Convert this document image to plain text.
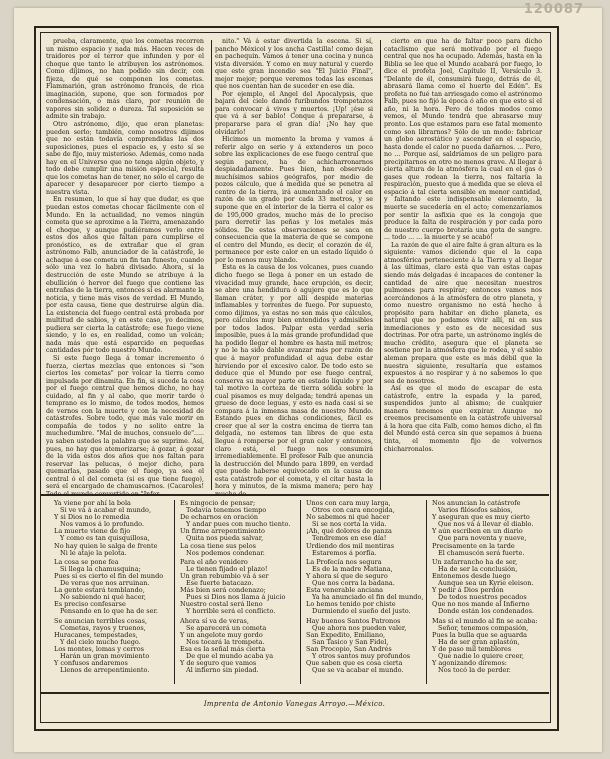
120087

prueba, claramente, que los cometas recorren un mismo espacio y nada más. Hacen veces de traidores por el terror que infunden y por el choque que tanto le atribuyen los astrónomos. Como dijimos, no han podido sin decir, con fijeza, de qué se componen los cometas. Flammarión, gran astrónomo francés, de rica imaginación, supone, que son formados por condensación, o más claro, por reunión de vapores sin solidez o dureza. Tal suposición se admite sin trabajo.

Otro astrónomo, dijo, que eran planetas: pueden serlo; también, como nosotros dijimos que no están todavía comprendidas las dos suposiciones, pues el espacio es, y esto sí se sabe de fijo, muy misterioso. Además, como nada hay en el Universo que no tenga algún objeto, y todo debe cumplir una misión especial, resulta que los cometas han de tener, no sólo el cargo de aparecer y desaparecer por cierto tiempo a nuestra vista.

En resumen, lo que sí hay que dudar, es que puedan estos cometas chocar fácilmente con el Mundo. En la actualidad, no vemos ningún cometa que se aproxime a la Tierra, amenazando el choque, y aunque pudiéramos verlo entre estos dos años que faltan para cumplirse el pronóstico, es de extrañar que el gran astrónomo Falb, anunciador de la catástrofe, le achaque á ese cometa un fin tan funesto, cuando sólo una vez lo habrá divisado. Ahora, si la destrucción de este Mundo se atribuye á la ebullición ó hervor del fuego que contiene las entrañas de la tierra, entonces sí es alarmante la noticia, y tiene más visos de verdad. El Mundo, por esta causa, tiene que destruirse algún día. La existencia del fuego central está probada por multitud de sabios, y en este caso, yo decimos, pudiera ser cierta la catástrofe; ese fuego viene siendo, y lo es, en realidad, como un volcán; nada más que está esparcido en pequeñas cantidades por todo nuestro Mundo.

Si este fuego llega á tomar incremento ó fuerza, ciertas mezclas que entonces si "son ciertos los cometas" por volcar la tierra como impulsada por dinamita. En fin, si sucede la cosa por el fuego central que hemos dicho, no hay cuidado, al fin y al cabo, que morir tarde ó temprano es lo mismo, de todos modos, hemos de vernos con la muerte y con la necesidad de catástrofes. Sobre todo, que más vale morir en compañía de todos y no solito entre la muchedumbre. "Mal de muchos, consuelo de"..... ya saben ustedes la palabra que se suprime. Así, pues, no hay que atemorizarse; á gozar, á gozar de la vida estos dos años que nos faltan para reservar las pelucas, ó mejor dicho, para quemarlas, pasado que el fuego, ya sea el central ó el del cometa (si es que tiene fuego), será el encargado de chamuscarnos. (Cacaroles! Todo el mundo convertido en "Infer-

nito." Vá á estar divertida la escena. Si sí, pancho Méxicol y los ancha Castilla! como dejan en pachequin. Vamos á tener una cocina y nunca vista diversión. Y como en muy natural y cuerdo que este gran incendio sea "El Juicio Final", mejor mejor; porque veremos todas las escenas que nos cuentan han de suceder en ese día.

Por ejemplo, el Angel del Apocalypsis, que bajará del cielo dando furibundos trompetazos para convocar á vivos y muertos. ¡Up! ¡ése si que vá á ser bablo! Conque á prepararse, á prepararse para el gran día! ¡No hay que olvidarlo!

Hicimos un momento la broma y vamos á referir algo en serio y á extenderos un poco sobre las explicaciones de ese fuego central que según parece, ha de achicharronarnos despiadadamente. Pues bien, han observado muchísimos sabios geógrafos, por medio de pozos cálculo, que á medida que se penetra al centro de la tierra, irá aumentando el calor en razón de un grado por cada 33 metros, y se supone que en el interior de la tierra el calor es de 195,000 grados, mucho más de lo preciso para derretir las peñas y los metales más sólidos. De estas observaciones se saca en consecuencia que la materia de que se compone el centro del Mundo, es decir, el corazón de él, permanece por este calor en un estado líquido ó por lo menos muy blando.

Esta es la causa de los volcanes, pues cuando dicho fuego se llega á poner en un estado de vivacidad muy grande, hace erupción, es decir, se abre una hendidura ó agujero que es lo que llaman cráter, y por allí despide materias inflamables y torrentes de fuego. Por supuesto, como dijimos, ya estas no son más que cálculos, pero cálculos muy bien entendidos y admisibles por todos lados. Palpar esta verdad sería imposible, pues á la más grande profundidad que ha podido llegar el hombre es hasta mil metros; y no le ha sido dable avanzar más por razón de que á mayor profundidad el agua debe estar hirviendo por el excesivo calor. De todo esto se deduce que el Mundo por ese fuego central, conserva su mayor parte en estado líquido y por tal motivo la corteza de tierra sólida sobre la cual pisamos es muy delgada; tendrá apenas un grueso de doce leguas, y esto es nada casi si se compara á la inmensa masa de nuestro Mundo. Estando pues en dichas condiciones, fácil es creer que al ser la costra encima de tierra tan delgada, no estemos tan libres de que esta llegue á romperse por el gran calor y entonces, claro está, el fuego nos consumirá irremediablemente. El profesor Falb que anuncia la destrucción del Mundo para 1899, en verdad que puede haberse equivocado en la causa de esta catástrofe por el cometa, y el citar hasta la hora y minutos, de la misma manera; pero hay mucho de

cierto en que ha de faltar poco para dicho cataclismo que será motivado por el fuego central que nos ha ocupado. Además, hasta en la Biblia se lee que el Mundo acabará por fuego, lo dice el profeta Joel, Capítulo II, Versículo 3. "Delante de él, consumirá fuego, detrás de él, abrasará llama como el huerto del Edén". Es profeta no fué tan arriesgado como el astrónomo Falb, pues no fijó la época ó año en que esto sí el año, ni la hora. Pero de todos modos como vemos, el Mundo tendrá que abrasarse muy pronto. Los que estamos para ese fatal momento como son librarnos? Sólo de un modo: fabricar un globo aerostático y ascender en el espacio, hasta donde el calor no pueda dañarnos. ... Pero, no ... Porque así, saldríamos de un peligro para precipitarnos en otro no menos grave. Al llegar á cierta altura de la atmósfera la cual en el gas ó gases que rodean la tierra, nos faltaría la respiración, puesto que á medida que se eleva el espacio á tal cierta sensible en menor cantidad, y faltando este indispensable elemento, la muerte se sucedería en el acto; comenzaríamos por sentir la asfixia que es la congoja que produce la falta de respiración y por cada poro de nuestro cuerpo brotaría una gota de sangre. ... todo ... ... la muerte y se acabó!

La razón de que el aire falte á gran altura es la siguiente: vamos diciendo que el la capa atmosférica perteneciente á la Tierra y al llegar á las últimas, claro está que van estas capas siendo más delgadas é incapaces de contener la cantidad de aire que necesitan nuestros pulmones para respirar; entonces vamos nos acercándonos á la atmósfera de otro planeta, y como nuestro organismo no está hecho á propósito para habitar en dicho planeta, es natural que no podamos vivir allí, ni en sus inmediaciones y esto es de necesidad sus doctrinas. Por otra parte, un astrónomo inglés de mucho crédito, asegura que el planeta se sostiene por la atmósfera que le rodea, y el sabio aleman prepara que este es más débil que la nuestra siguiente, resultaría que estamos expuestos á no respirar y á no sabemos lo que sea de nosotros.

Así es que el modo de escapar de esta catástrofe, entre la espada y la pared, suspendidos junto al abismo; de cualquier manera tenemos que expirar. Aunque no creemos precisamente en la catástrofe universal á la hora que cita Falb, como hemos dicho, el fin del Mundo está cerca sin que sepamos á buena tinta, el momento fijo de volvernos chicharronalos.

Ya viene por ahí la bola
Si ve vá á acabar el mundo,
Y si Dios no lo remedia
Nos vamos á lo profundo.
La muerte viene de fijo
Y como es tan quisquillosa,
No hay quien le salga de frente
Ni le ataje la pelota.
La cosa se pone fea
Si llega la chamusquina;
Pues si es cierto el fin del mundo
De veras que nos arruinan.
La gente estará temblando,
No sabiendo ni qué hacer,
Es preciso confesarse
Pensando en lo que ha de ser.
Se anuncian terribles cosas,
Cometas, rayos y truenos,
Huracanes, tempestades,
Y del cielo mucho fuego.
Los montes, lomas y cerros
Harán un gran movimiento
Y confusos andaremos
Llenos de arrepentimiento.
Es ningocio de pensar;
Todavía tenemos tiempo
De echarnos en oración
Y andar pues con mucho tiento.
Un firme arrepentimiento
Quita nos pueda salvar,
La cosa tiene sus pelos
Nos podemos condenar.
Para el año venidero
Le tienen fijado el plazo!
Un gran rebumbio vá á ser
Ese fuerte batacazo.
Más bien será condenazo;
Pues si Dios nos llama á juicio
Nuestro costal será lleno
Y horrible será el conflicto.
Ahora sí va de veras,
Se aparecerá un cometa
Y un angelote muy gordo
Nos tocará la trompeta.
Esa es la señal más cierta
De que el mundo acaba ya
Y de seguro que vamos
Al infierno sin piedad.
Unos con cara muy larga,
Otros con cara encogida,
No sabemos ni qué hacer
Si se nos corta la vida.
¡Ah, qué dolores de panza
Tendremos en ese día!
Urdiendo dos mil mentiras
Estaremos á porfía.
La Profecía nos segura
Es de la madre Matiana,
Y ahora sí que de seguro
Que nos corra la badana.
Esta venerable anciana
Ya ha anunciado el fin del mundo,
Lo hemos tenido por chiste
Durmiendo el sueño del justo.
Hay buenos Santos Patronos
Que ahora nos pueden valer,
San Expedito, Emiliano,
San Tasico y San Fidel,
San Procopio, San Andrés
Y otros santos muy profundos
Que saben que es cosa cierta
Que se va acabar el mundo.
Nos anuncian la catástrofe
Varios filósofos sabios,
Y aseguran que es muy cierto
Que nos vá á llevar el diablo.
Y aún escriben en un diario
Que para noventa y nueve,
Precisamente en la tarde
El chamuscón será fuerte.
Un zafarrancho ha de ser,
Ha de ser la conclusión,
Entonemos desde luego
Aunque sea un Kyrie eleison.
Y pedir á Dios perdón
De todos nuestros pecados
Que no nos mande al Infierno
Donde están los condenados.
Mas si el mundo al fin se acaba:
Señor, tenemos compasión,
Pues la bulla que se aguarda
Ha de ser gran aplastón,
Y de paso mil temblores
Que nadie lo quiere creer,
Y agonizando diremos:
Nos tocó la de perder.
Imprenta de Antonio Vanegas Arroyo.—México.
